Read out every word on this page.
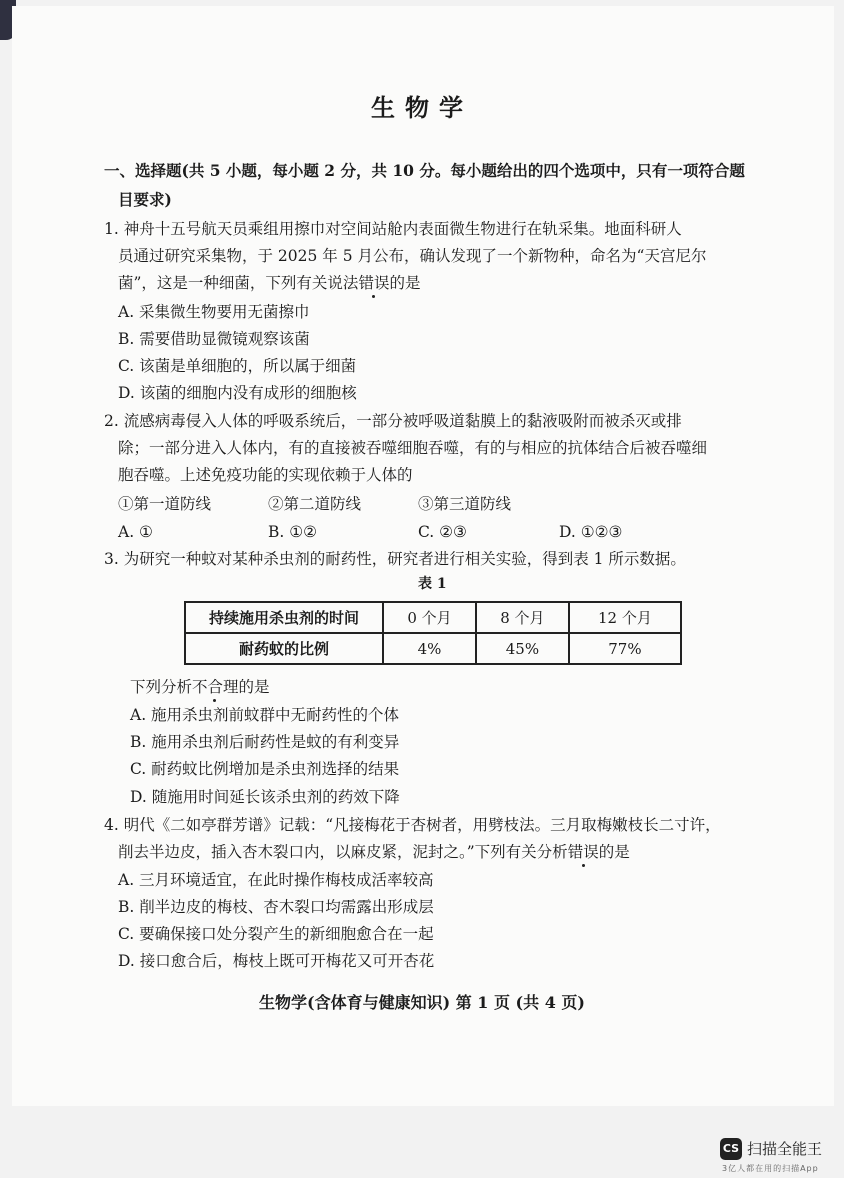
生物学
一、选择题(共 5 小题，每小题 2 分，共 10 分。每小题给出的四个选项中，只有一项符合题
目要求)
1. 神舟十五号航天员乘组用擦巾对空间站舱内表面微生物进行在轨采集。地面科研人
员通过研究采集物，于 2025 年 5 月公布，确认发现了一个新物种，命名为“天宫尼尔
菌”，这是一种细菌，下列有关说法错误的是
A. 采集微生物要用无菌擦巾
B. 需要借助显微镜观察该菌
C. 该菌是单细胞的，所以属于细菌
D. 该菌的细胞内没有成形的细胞核
2. 流感病毒侵入人体的呼吸系统后，一部分被呼吸道黏膜上的黏液吸附而被杀灭或排
除；一部分进入人体内，有的直接被吞噬细胞吞噬，有的与相应的抗体结合后被吞噬细
胞吞噬。上述免疫功能的实现依赖于人体的
①第一道防线	②第二道防线	③第三道防线
A. ①	B. ①②	C. ②③	D. ①②③
3. 为研究一种蚊对某种杀虫剂的耐药性，研究者进行相关实验，得到表 1 所示数据。
表 1
持续施用杀虫剂的时间	0 个月	8 个月	12 个月
耐药蚊的比例	4%	45%	77%
下列分析不合理的是
A. 施用杀虫剂前蚊群中无耐药性的个体
B. 施用杀虫剂后耐药性是蚊的有利变异
C. 耐药蚊比例增加是杀虫剂选择的结果
D. 随施用时间延长该杀虫剂的药效下降
4. 明代《二如亭群芳谱》记载：“凡接梅花于杏树者，用劈枝法。三月取梅嫩枝长二寸许，
削去半边皮，插入杏木裂口内，以麻皮紧，泥封之。”下列有关分析错误的是
A. 三月环境适宜，在此时操作梅枝成活率较高
B. 削半边皮的梅枝、杏木裂口均需露出形成层
C. 要确保接口处分裂产生的新细胞愈合在一起
D. 接口愈合后，梅枝上既可开梅花又可开杏花
生物学(含体育与健康知识) 第 1 页 (共 4 页)
CS 扫描全能王
3亿人都在用的扫描App
